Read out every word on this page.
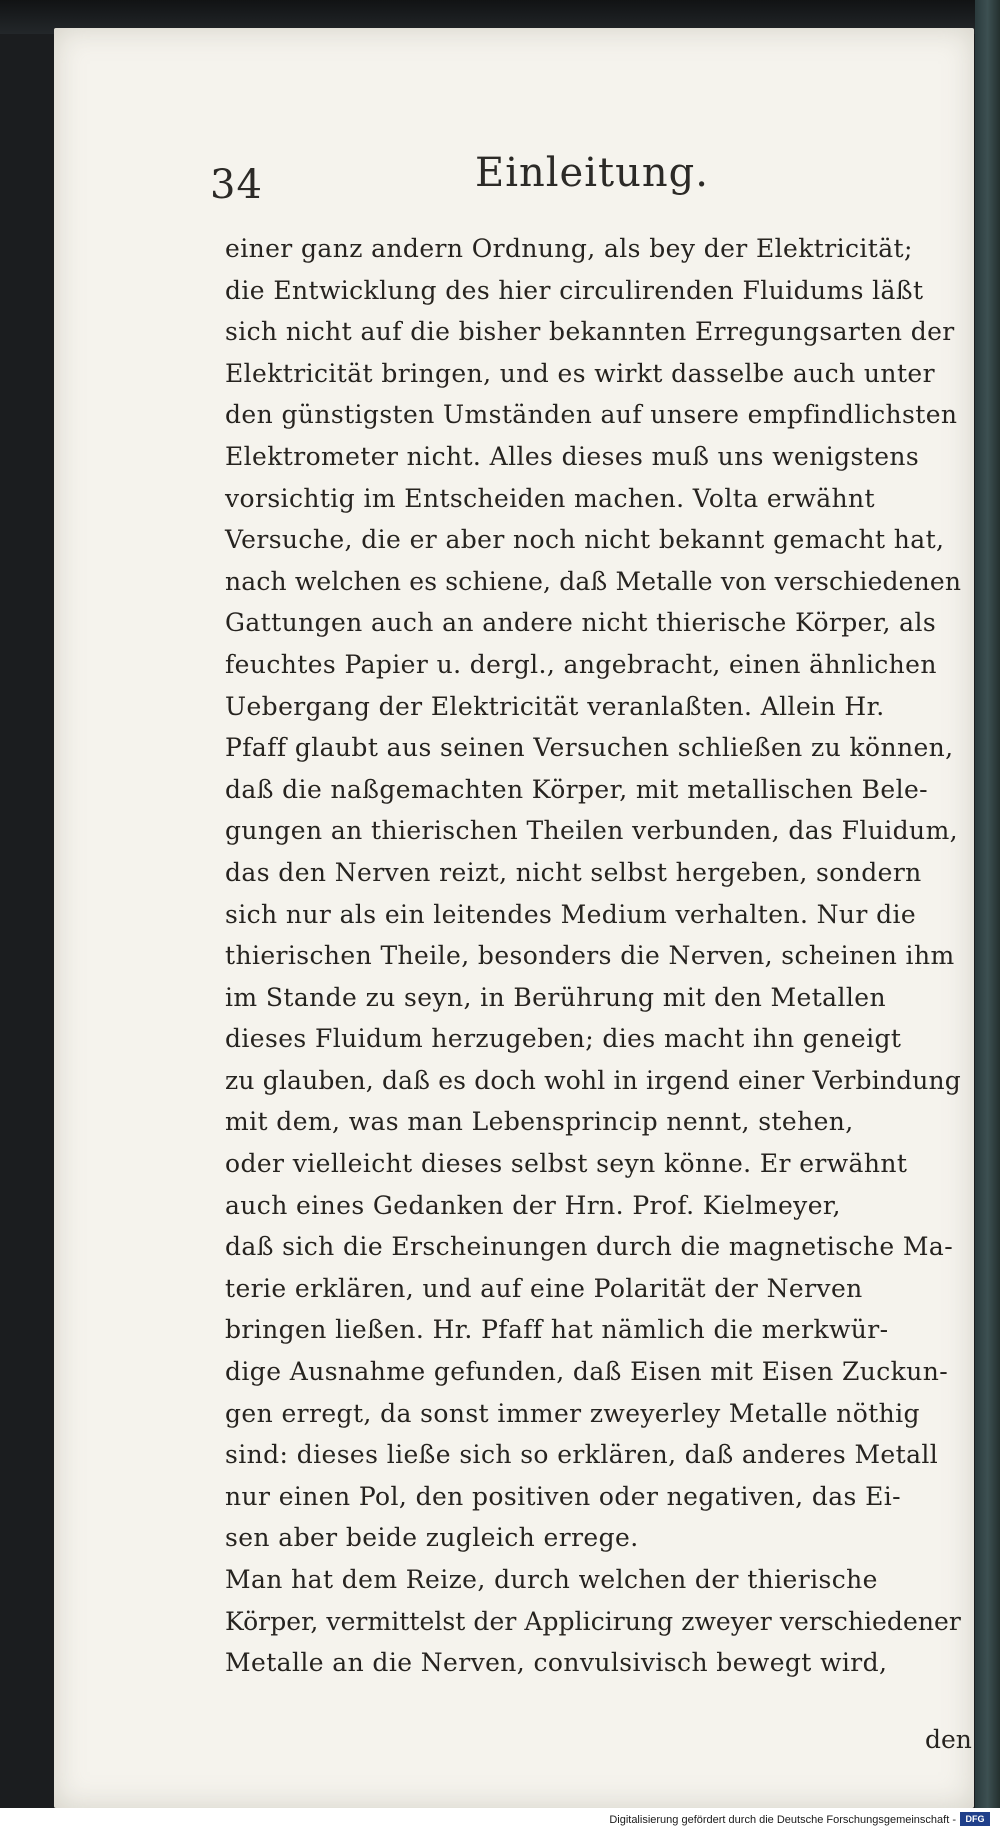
34	Einleitung.
einer ganz andern Ordnung, als bey der Elektricität;
die Entwicklung des hier circulirenden Fluidums läßt
sich nicht auf die bisher bekannten Erregungsarten der
Elektricität bringen, und es wirkt dasselbe auch unter
den günstigsten Umständen auf unsere empfindlichsten
Elektrometer nicht. Alles dieses muß uns wenigstens
vorsichtig im Entscheiden machen. Volta erwähnt
Versuche, die er aber noch nicht bekannt gemacht hat,
nach welchen es schiene, daß Metalle von verschiedenen
Gattungen auch an andere nicht thierische Körper, als
feuchtes Papier u. dergl., angebracht, einen ähnlichen
Uebergang der Elektricität veranlaßten. Allein Hr.
Pfaff glaubt aus seinen Versuchen schließen zu können,
daß die naßgemachten Körper, mit metallischen Bele-
gungen an thierischen Theilen verbunden, das Fluidum,
das den Nerven reizt, nicht selbst hergeben, sondern
sich nur als ein leitendes Medium verhalten. Nur die
thierischen Theile, besonders die Nerven, scheinen ihm
im Stande zu seyn, in Berührung mit den Metallen
dieses Fluidum herzugeben; dies macht ihn geneigt
zu glauben, daß es doch wohl in irgend einer Verbindung
mit dem, was man Lebensprincip nennt, stehen,
oder vielleicht dieses selbst seyn könne. Er erwähnt
auch eines Gedanken der Hrn. Prof. Kielmeyer,
daß sich die Erscheinungen durch die magnetische Ma-
terie erklären, und auf eine Polarität der Nerven
bringen ließen. Hr. Pfaff hat nämlich die merkwür-
dige Ausnahme gefunden, daß Eisen mit Eisen Zuckun-
gen erregt, da sonst immer zweyerley Metalle nöthig
sind: dieses ließe sich so erklären, daß anderes Metall
nur einen Pol, den positiven oder negativen, das Ei-
sen aber beide zugleich errege.
Man hat dem Reize, durch welchen der thierische
Körper, vermittelst der Applicirung zweyer verschiedener
Metalle an die Nerven, convulsivisch bewegt wird,
den
Digitalisierung gefördert durch die Deutsche Forschungsgemeinschaft -	DFG
